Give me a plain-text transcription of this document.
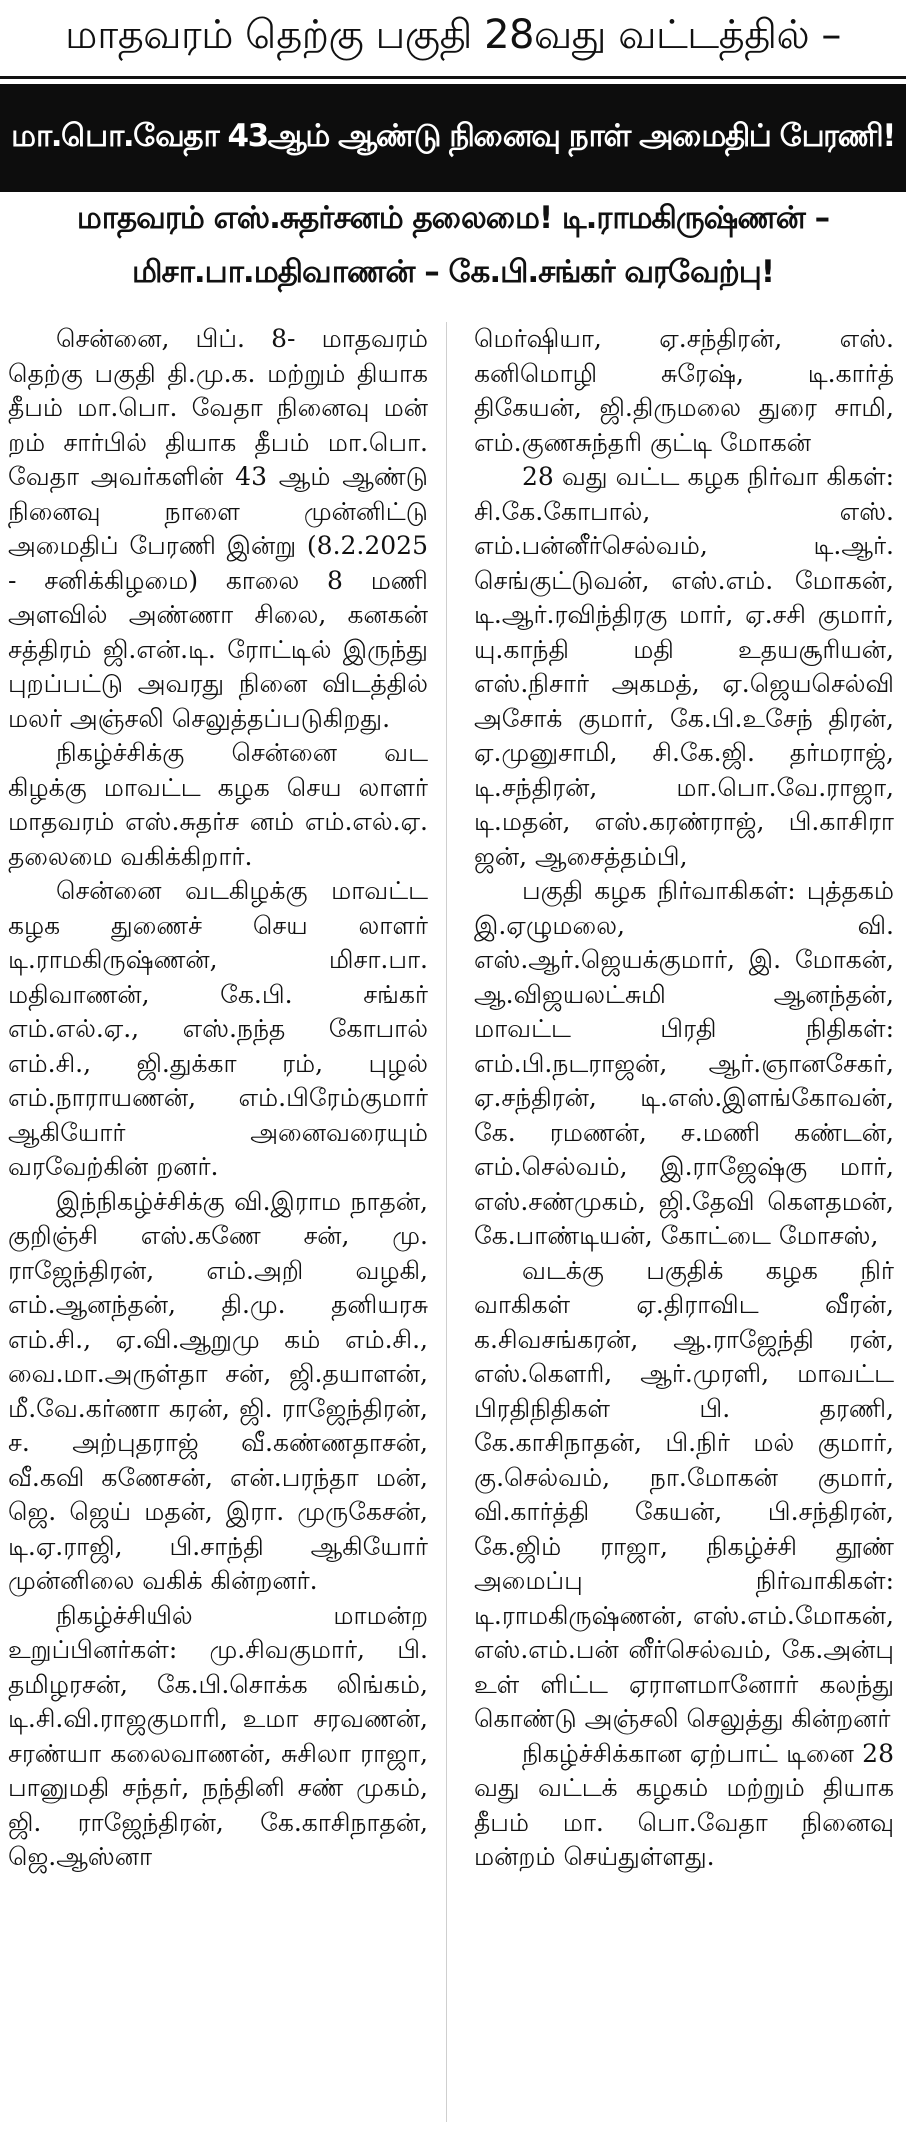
மாதவரம் தெற்கு பகுதி 28வது வட்டத்தில் –
மா.பொ.வேதா 43ஆம் ஆண்டு நினைவு நாள் அமைதிப் பேரணி!
மாதவரம் எஸ்.சுதர்சனம் தலைமை! டி.ராமகிருஷ்ணன் –
மிசா.பா.மதிவாணன் – கே.பி.சங்கர் வரவேற்பு!

சென்னை, பிப். 8- மாதவரம் தெற்கு பகுதி தி.மு.க. மற்றும் தியாக தீபம் மா.பொ. வேதா நினைவு மன் றம் சார்பில் தியாக தீபம் மா.பொ. வேதா அவர்களின் 43 ஆம் ஆண்டு நினைவு நாளை முன்னிட்டு அமைதிப் பேரணி இன்று (8.2.2025 - சனிக்கிழமை) காலை 8 மணி அளவில் அண்ணா சிலை, கனகன் சத்திரம் ஜி.என்.டி. ரோட்டில் இருந்து புறப்பட்டு அவரது நினை விடத்தில் மலர் அஞ்சலி செலுத்தப்படுகிறது.

நிகழ்ச்சிக்கு சென்னை வட கிழக்கு மாவட்ட கழக செய லாளர் மாதவரம் எஸ்.சுதர்ச னம் எம்.எல்.ஏ. தலைமை வகிக்கிறார்.

சென்னை வடகிழக்கு மாவட்ட கழக துணைச் செய லாளர் டி.ராமகிருஷ்ணன், மிசா.பா. மதிவாணன், கே.பி. சங்கர் எம்.எல்.ஏ., எஸ்.நந்த கோபால் எம்.சி., ஜி.துக்கா ரம், புழல் எம்.நாராயணன், எம்.பிரேம்குமார் ஆகியோர் அனைவரையும் வரவேற்கின் றனர்.

இந்நிகழ்ச்சிக்கு வி.இராம நாதன், குறிஞ்சி எஸ்.கணே சன், மு. ராஜேந்திரன், எம்.அறி வழகி, எம்.ஆனந்தன், தி.மு. தனியரசு எம்.சி., ஏ.வி.ஆறுமு கம் எம்.சி., வை.மா.அருள்தா சன், ஜி.தயாளன், மீ.வே.கர்ணா கரன், ஜி. ராஜேந்திரன், ச. அற்புதராஜ் வீ.கண்ணதாசன், வீ.கவி கணேசன், என்.பரந்தா மன், ஜெ. ஜெய் மதன், இரா. முருகேசன், டி.ஏ.ராஜி, பி.சாந்தி ஆகியோர் முன்னிலை வகிக் கின்றனர்.

நிகழ்ச்சியில் மாமன்ற உறுப்பினர்கள்: மு.சிவகுமார், பி. தமிழரசன், கே.பி.சொக்க லிங்கம், டி.சி.வி.ராஜகுமாரி, உமா சரவணன், சரண்யா கலைவாணன், சுசிலா ராஜா, பானுமதி சந்தர், நந்தினி சண் முகம், ஜி. ராஜேந்திரன், கே.காசிநாதன், ஜெ.ஆஸ்னா

மெர்ஷியா, ஏ.சந்திரன், எஸ். கனிமொழி சுரேஷ், டி.கார்த் திகேயன், ஜி.திருமலை துரை சாமி, எம்.குணசுந்தரி குட்டி மோகன்

28 வது வட்ட கழக நிர்வா கிகள்: சி.கே.கோபால், எஸ். எம்.பன்னீர்செல்வம், டி.ஆர். செங்குட்டுவன், எஸ்.எம். மோகன், டி.ஆர்.ரவிந்திரகு மார், ஏ.சசி குமார், யு.காந்தி மதி உதயசூரியன், எஸ்.நிசார் அகமத், ஏ.ஜெயசெல்வி அசோக் குமார், கே.பி.உசேந் திரன், ஏ.முனுசாமி, சி.கே.ஜி. தர்மராஜ், டி.சந்திரன், மா.பொ.வே.ராஜா, டி.மதன், எஸ்.கரண்ராஜ், பி.காசிரா ஜன், ஆசைத்தம்பி,

பகுதி கழக நிர்வாகிகள்: புத்தகம் இ.ஏழுமலை, வி. எஸ்.ஆர்.ஜெயக்குமார், இ. மோகன், ஆ.விஜயலட்சுமி ஆனந்தன், மாவட்ட பிரதி நிதிகள்: எம்.பி.நடராஜன், ஆர்.ஞானசேகர், ஏ.சந்திரன், டி.எஸ்.இளங்கோவன், கே. ரமணன், ச.மணி கண்டன், எம்.செல்வம், இ.ராஜேஷ்கு மார், எஸ்.சண்முகம், ஜி.தேவி கௌதமன், கே.பாண்டியன், கோட்டை மோசஸ்,

வடக்கு பகுதிக் கழக நிர் வாகிகள் ஏ.திராவிட வீரன், க.சிவசங்கரன், ஆ.ராஜேந்தி ரன், எஸ்.கௌரி, ஆர்.முரளி, மாவட்ட பிரதிநிதிகள் பி. தரணி, கே.காசிநாதன், பி.நிர் மல் குமார், கு.செல்வம், நா.மோகன் குமார், வி.கார்த்தி கேயன், பி.சந்திரன், கே.ஜிம் ராஜா, நிகழ்ச்சி தூண் அமைப்பு நிர்வாகிகள்: டி.ராமகிருஷ்ணன், எஸ்.எம்.மோகன், எஸ்.எம்.பன் னீர்செல்வம், கே.அன்பு உள் ளிட்ட ஏராளமானோர் கலந்து கொண்டு அஞ்சலி செலுத்து கின்றனர்

நிகழ்ச்சிக்கான ஏற்பாட் டினை 28 வது வட்டக் கழகம் மற்றும் தியாக தீபம் மா. பொ.வேதா நினைவு மன்றம் செய்துள்ளது.
